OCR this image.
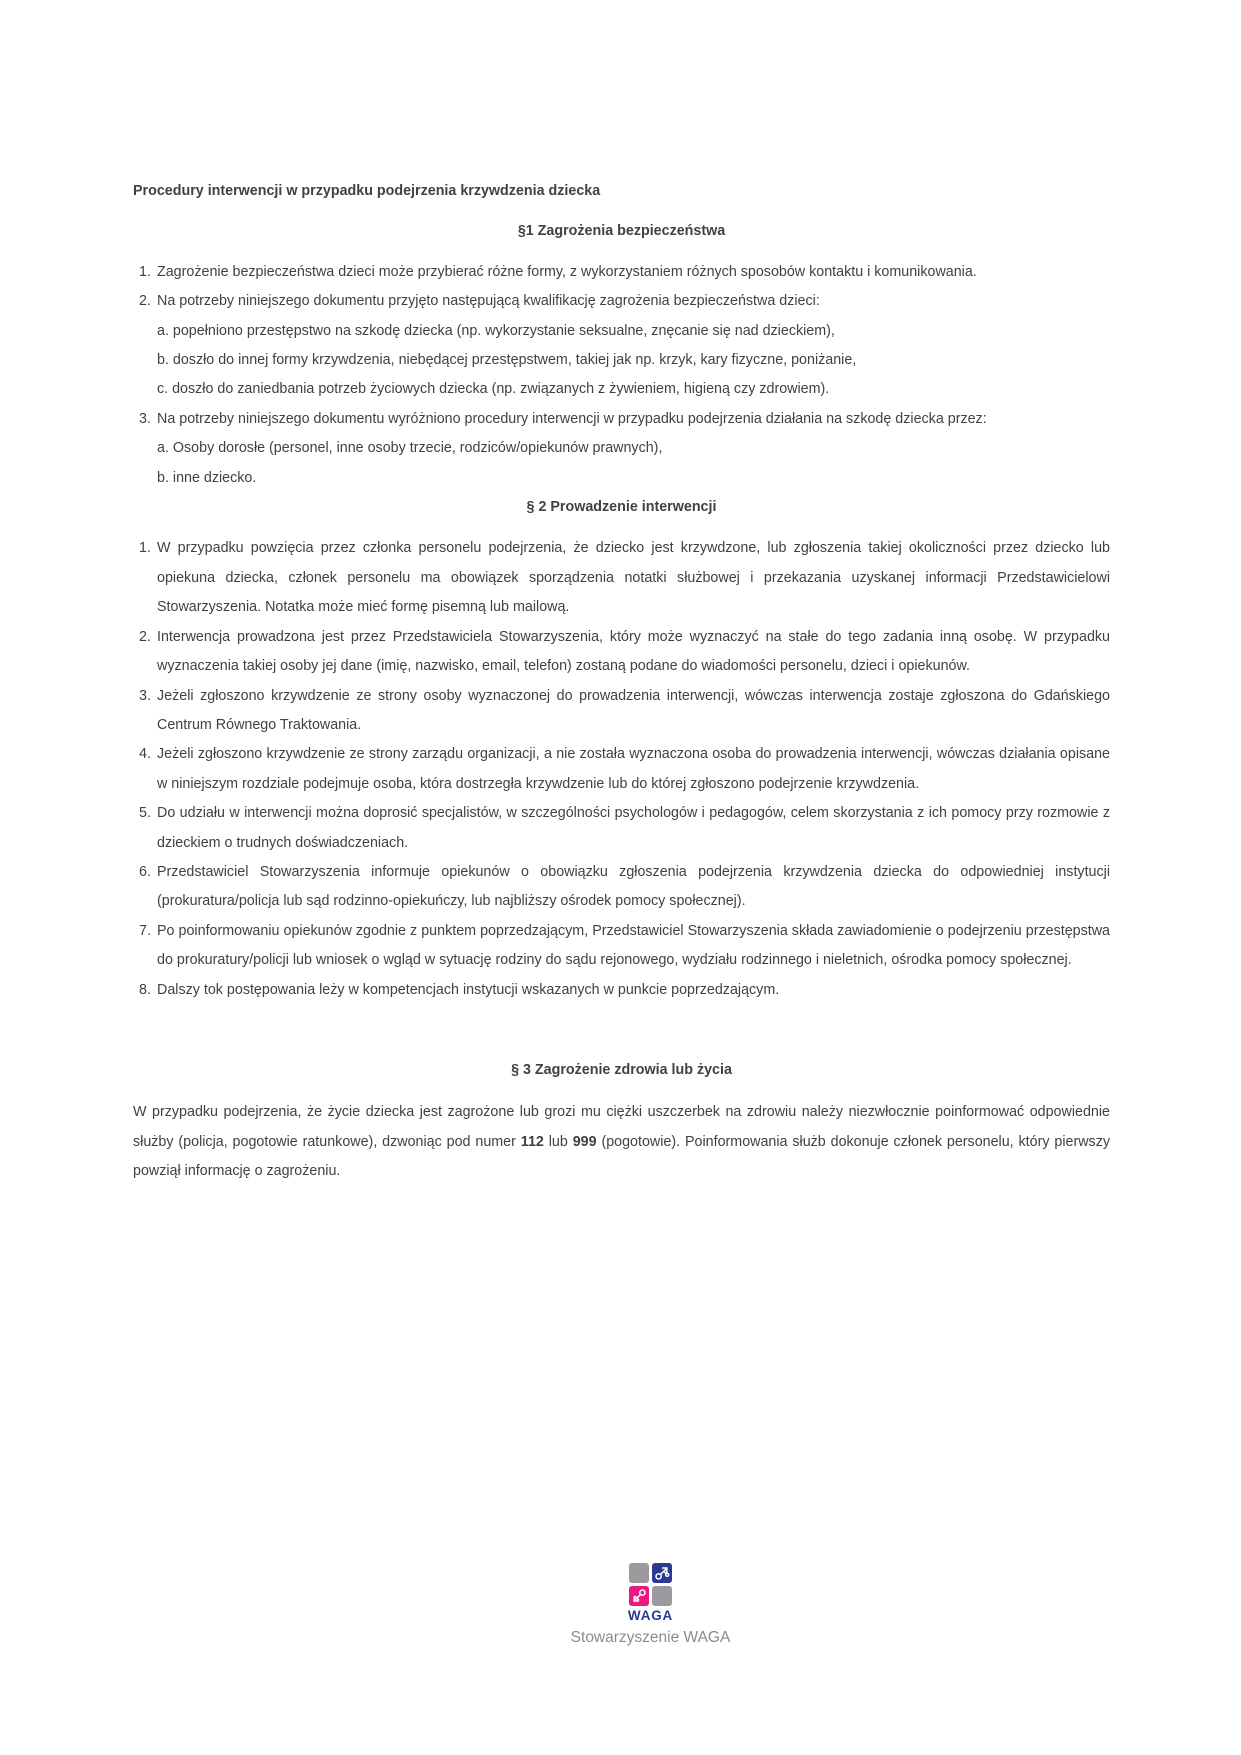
Procedury interwencji w przypadku podejrzenia krzywdzenia dziecka

§1 Zagrożenia bezpieczeństwa

1. Zagrożenie bezpieczeństwa dzieci może przybierać różne formy, z wykorzystaniem różnych sposobów kontaktu i komunikowania.

2. Na potrzeby niniejszego dokumentu przyjęto następującą kwalifikację zagrożenia bezpieczeństwa dzieci:

a. popełniono przestępstwo na szkodę dziecka (np. wykorzystanie seksualne, znęcanie się nad dzieckiem),

b. doszło do innej formy krzywdzenia, niebędącej przestępstwem, takiej jak np. krzyk, kary fizyczne, poniżanie,

c. doszło do zaniedbania potrzeb życiowych dziecka (np. związanych z żywieniem, higieną czy zdrowiem).

3. Na potrzeby niniejszego dokumentu wyróżniono procedury interwencji w przypadku podejrzenia działania na szkodę dziecka przez:

a. Osoby dorosłe (personel, inne osoby trzecie, rodziców/opiekunów prawnych),

b. inne dziecko.

§ 2 Prowadzenie interwencji

1. W przypadku powzięcia przez członka personelu podejrzenia, że dziecko jest krzywdzone, lub zgłoszenia takiej okoliczności przez dziecko lub opiekuna dziecka, członek personelu ma obowiązek sporządzenia notatki służbowej i przekazania uzyskanej informacji Przedstawicielowi Stowarzyszenia. Notatka może mieć formę pisemną lub mailową.

2. Interwencja prowadzona jest przez Przedstawiciela Stowarzyszenia, który może wyznaczyć na stałe do tego zadania inną osobę. W przypadku wyznaczenia takiej osoby jej dane (imię, nazwisko, email, telefon) zostaną podane do wiadomości personelu, dzieci i opiekunów.

3. Jeżeli zgłoszono krzywdzenie ze strony osoby wyznaczonej do prowadzenia interwencji, wówczas interwencja zostaje zgłoszona do Gdańskiego Centrum Równego Traktowania.

4. Jeżeli zgłoszono krzywdzenie ze strony zarządu organizacji, a nie została wyznaczona osoba do prowadzenia interwencji, wówczas działania opisane w niniejszym rozdziale podejmuje osoba, która dostrzegła krzywdzenie lub do której zgłoszono podejrzenie krzywdzenia.

5. Do udziału w interwencji można doprosić specjalistów, w szczególności psychologów i pedagogów, celem skorzystania z ich pomocy przy rozmowie z dzieckiem o trudnych doświadczeniach.

6. Przedstawiciel Stowarzyszenia informuje opiekunów o obowiązku zgłoszenia podejrzenia krzywdzenia dziecka do odpowiedniej instytucji (prokuratura/policja lub sąd rodzinno-opiekuńczy, lub najbliższy ośrodek pomocy społecznej).

7. Po poinformowaniu opiekunów zgodnie z punktem poprzedzającym, Przedstawiciel Stowarzyszenia składa zawiadomienie o podejrzeniu przestępstwa do prokuratury/policji lub wniosek o wgląd w sytuację rodziny do sądu rejonowego, wydziału rodzinnego i nieletnich, ośrodka pomocy społecznej.

8. Dalszy tok postępowania leży w kompetencjach instytucji wskazanych w punkcie poprzedzającym.

§ 3 Zagrożenie zdrowia lub życia

W przypadku podejrzenia, że życie dziecka jest zagrożone lub grozi mu ciężki uszczerbek na zdrowiu należy niezwłocznie poinformować odpowiednie służby (policja, pogotowie ratunkowe), dzwoniąc pod numer 112 lub 999 (pogotowie). Poinformowania służb dokonuje członek personelu, który pierwszy powziął informację o zagrożeniu.

WAGA
Stowarzyszenie WAGA
